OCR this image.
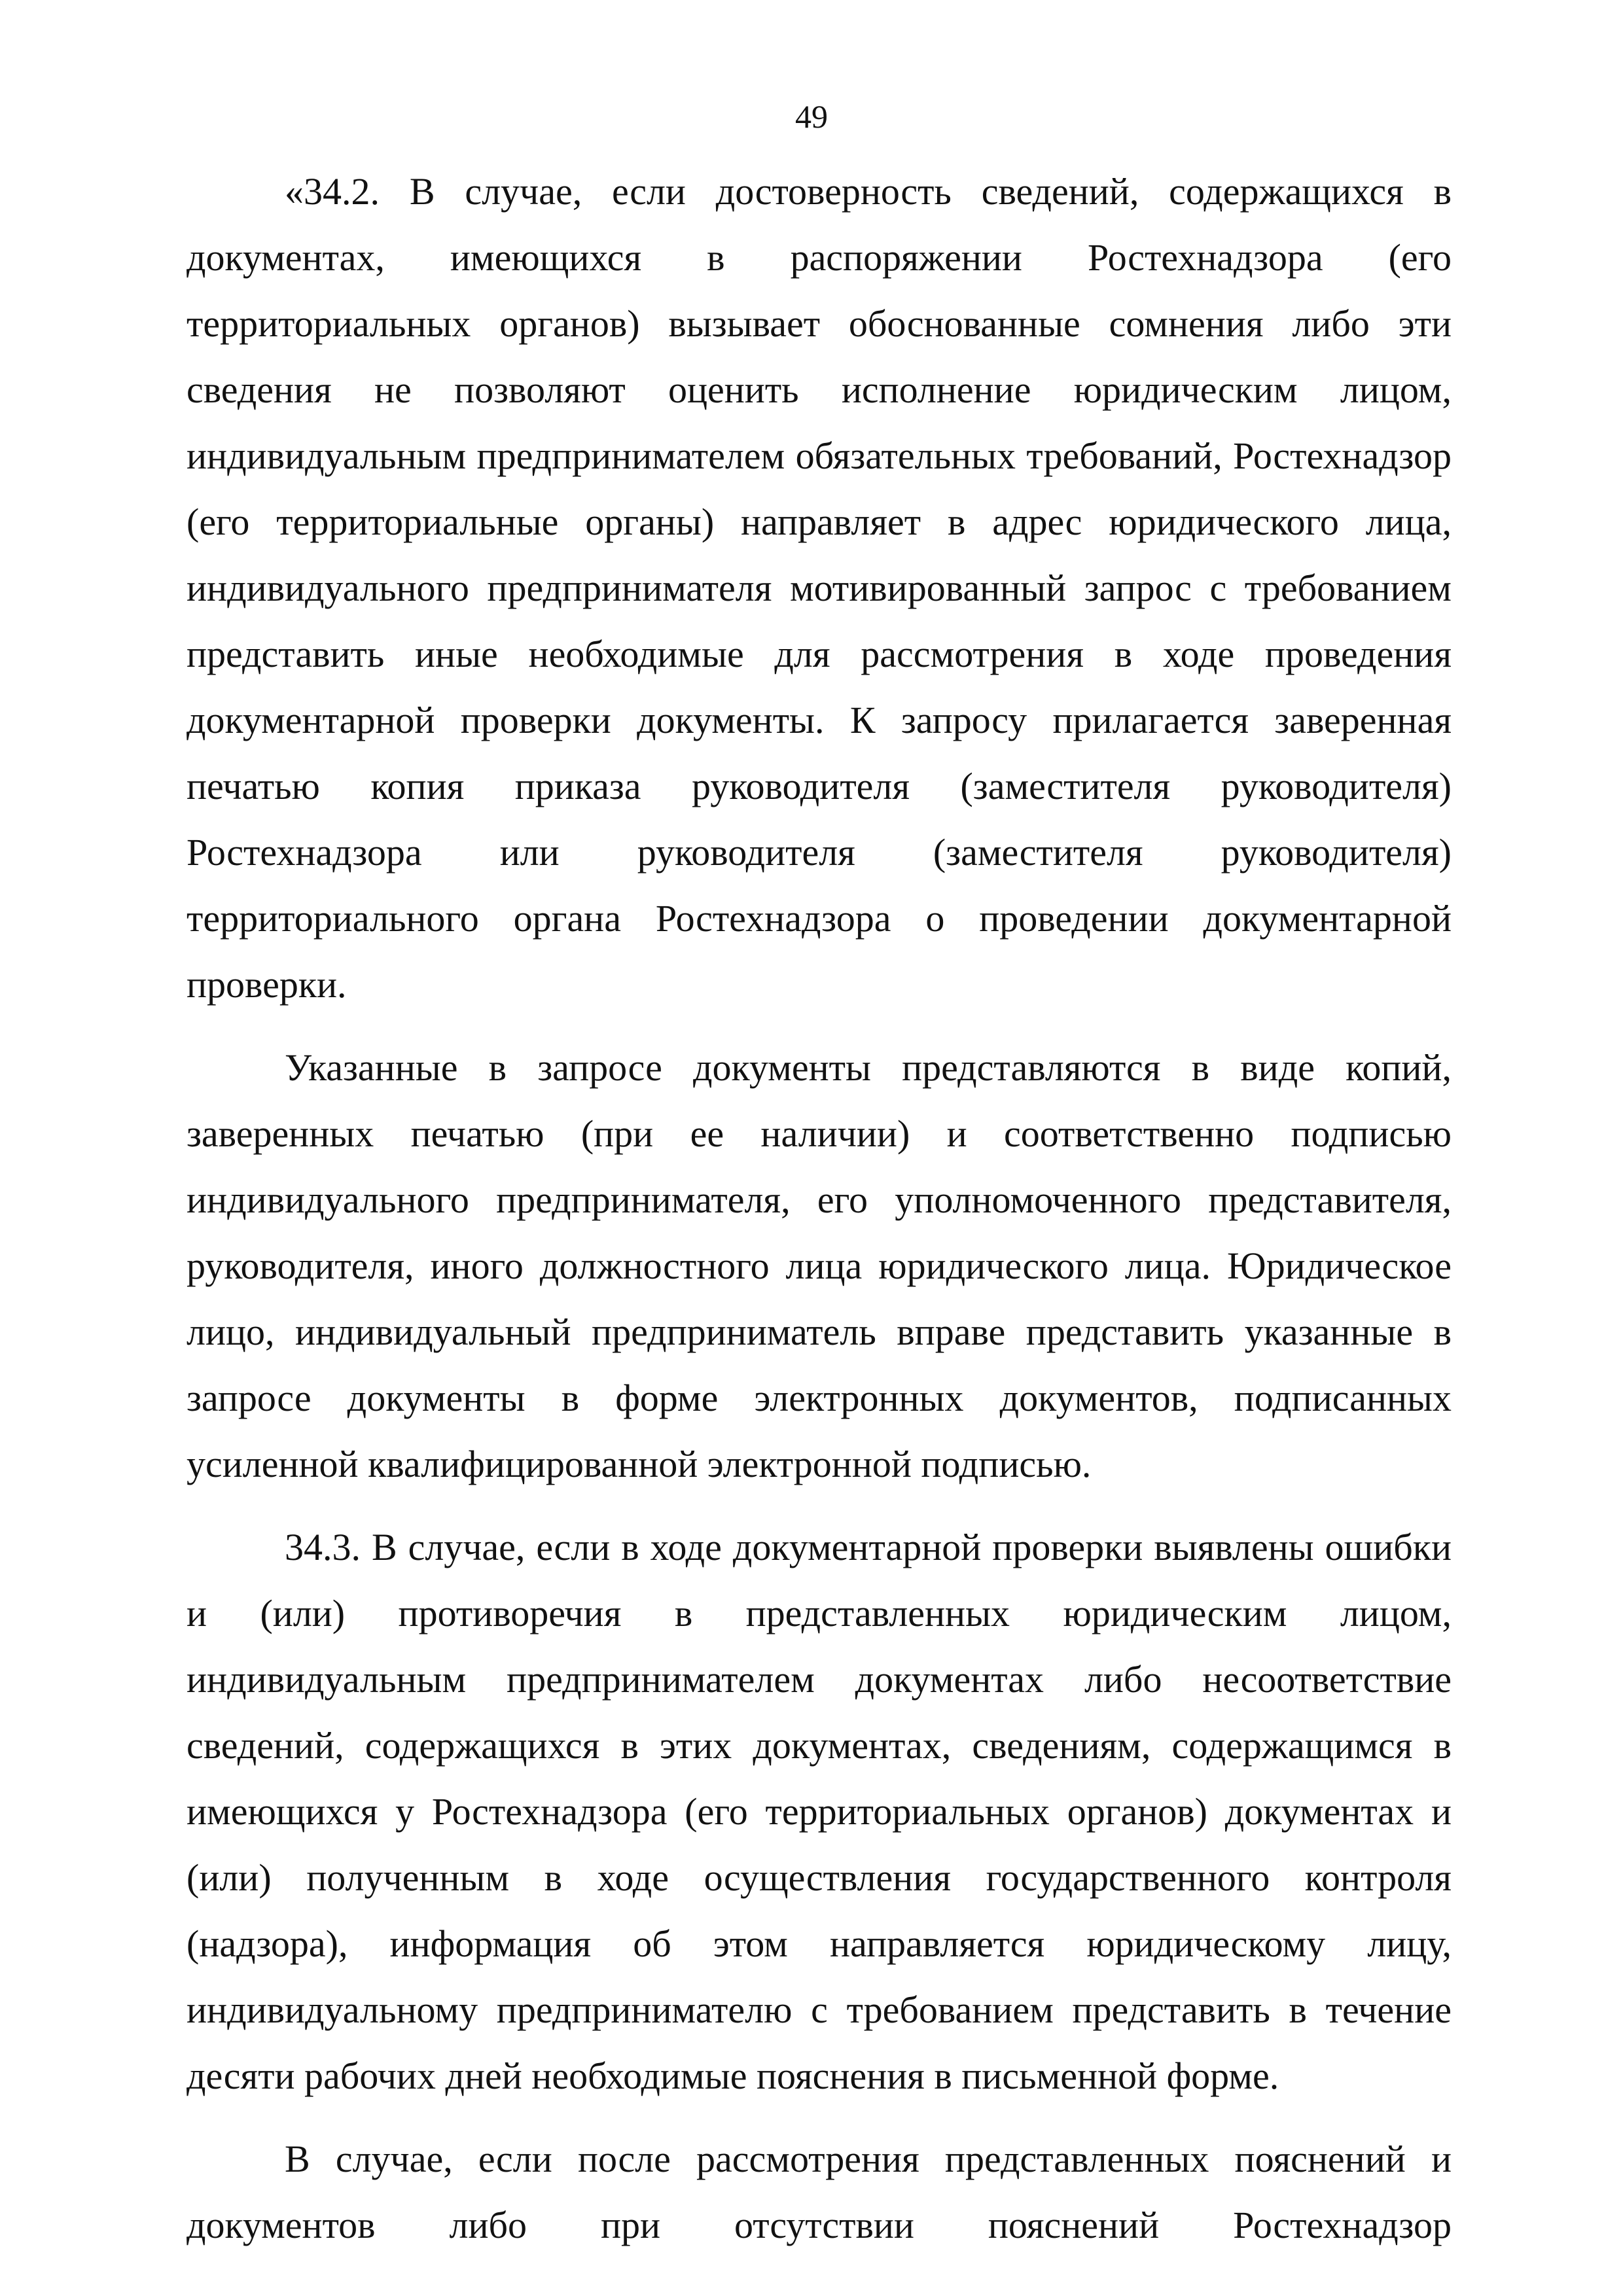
49

«34.2. В случае, если достоверность сведений, содержащихся в документах, имеющихся в распоряжении Ростехнадзора (его территориальных органов) вызывает обоснованные сомнения либо эти сведения не позволяют оценить исполнение юридическим лицом, индивидуальным предпринимателем обязательных требований, Ростехнадзор (его территориальные органы) направляет в адрес юридического лица, индивидуального предпринимателя мотивированный запрос с требованием представить иные необходимые для рассмотрения в ходе проведения документарной проверки документы. К запросу прилагается заверенная печатью копия приказа руководителя (заместителя руководителя) Ростехнадзора или руководителя (заместителя руководителя) территориального органа Ростехнадзора о проведении документарной проверки.

Указанные в запросе документы представляются в виде копий, заверенных печатью (при ее наличии) и соответственно подписью индивидуального предпринимателя, его уполномоченного представителя, руководителя, иного должностного лица юридического лица. Юридическое лицо, индивидуальный предприниматель вправе представить указанные в запросе документы в форме электронных документов, подписанных усиленной квалифицированной электронной подписью.

34.3. В случае, если в ходе документарной проверки выявлены ошибки и (или) противоречия в представленных юридическим лицом, индивидуальным предпринимателем документах либо несоответствие сведений, содержащихся в этих документах, сведениям, содержащимся в имеющихся у Ростехнадзора (его территориальных органов) документах и (или) полученным в ходе осуществления государственного контроля (надзора), информация об этом направляется юридическому лицу, индивидуальному предпринимателю с требованием представить в течение десяти рабочих дней необходимые пояснения в письменной форме.

В случае, если после рассмотрения представленных пояснений и документов либо при отсутствии пояснений Ростехнадзор
